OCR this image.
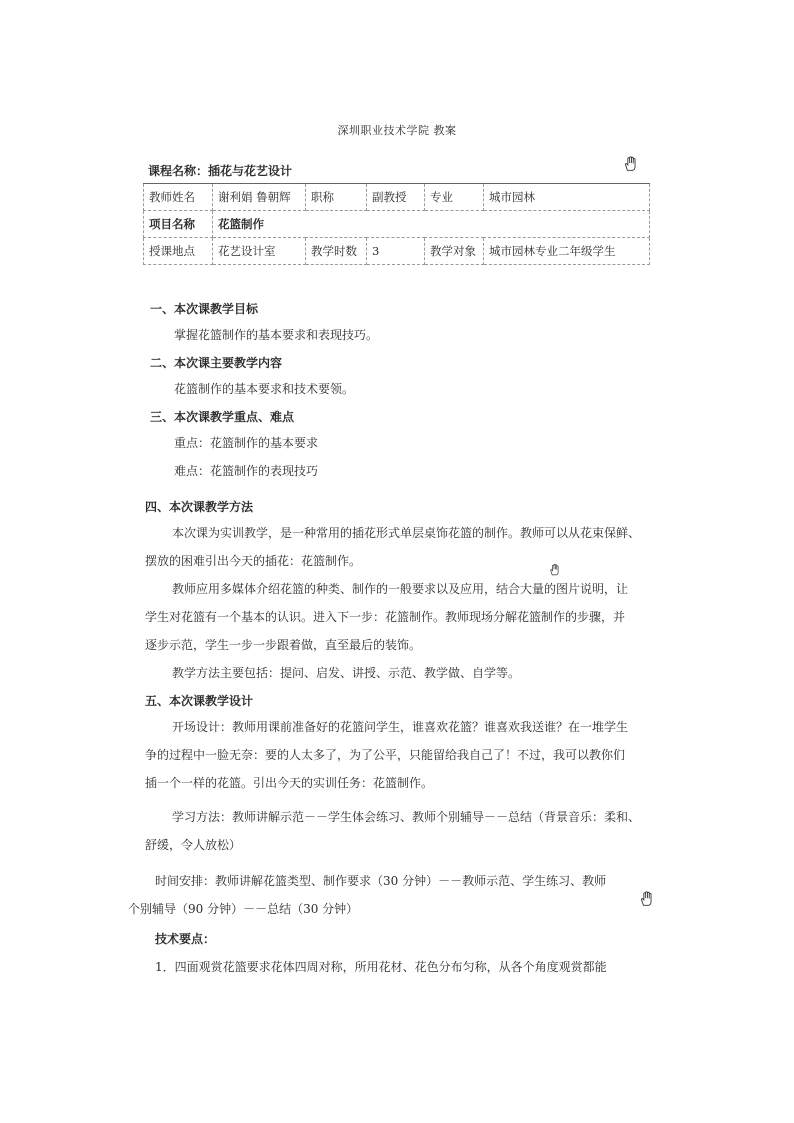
深圳职业技术学院 教案
课程名称：插花与花艺设计
教师姓名	谢利娟 鲁朝辉	职称	副教授	专业	城市园林
项目名称	花篮制作				
授课地点	花艺设计室	教学时数	3	教学对象	城市园林专业二年级学生
一、本次课教学目标
掌握花篮制作的基本要求和表现技巧。
二、本次课主要教学内容
花篮制作的基本要求和技术要领。
三、本次课教学重点、难点
重点：花篮制作的基本要求
难点：花篮制作的表现技巧
四、本次课教学方法
本次课为实训教学，是一种常用的插花形式单层桌饰花篮的制作。教师可以从花束保鲜、
摆放的困难引出今天的插花：花篮制作。
教师应用多媒体介绍花篮的种类、制作的一般要求以及应用，结合大量的图片说明，让
学生对花篮有一个基本的认识。进入下一步：花篮制作。教师现场分解花篮制作的步骤，并
逐步示范，学生一步一步跟着做，直至最后的装饰。
教学方法主要包括：提问、启发、讲授、示范、教学做、自学等。
五、本次课教学设计
开场设计：教师用课前准备好的花篮问学生，谁喜欢花篮？谁喜欢我送谁？在一堆学生
争的过程中一脸无奈：要的人太多了，为了公平，只能留给我自己了！不过，我可以教你们
插一个一样的花篮。引出今天的实训任务：花篮制作。
学习方法：教师讲解示范－－学生体会练习、教师个别辅导－－总结（背景音乐：柔和、
舒缓，令人放松）
时间安排：教师讲解花篮类型、制作要求（30 分钟）－－教师示范、学生练习、教师
个别辅导（90 分钟）－－总结（30 分钟）
技术要点：
1．四面观赏花篮要求花体四周对称，所用花材、花色分布匀称，从各个角度观赏都能
